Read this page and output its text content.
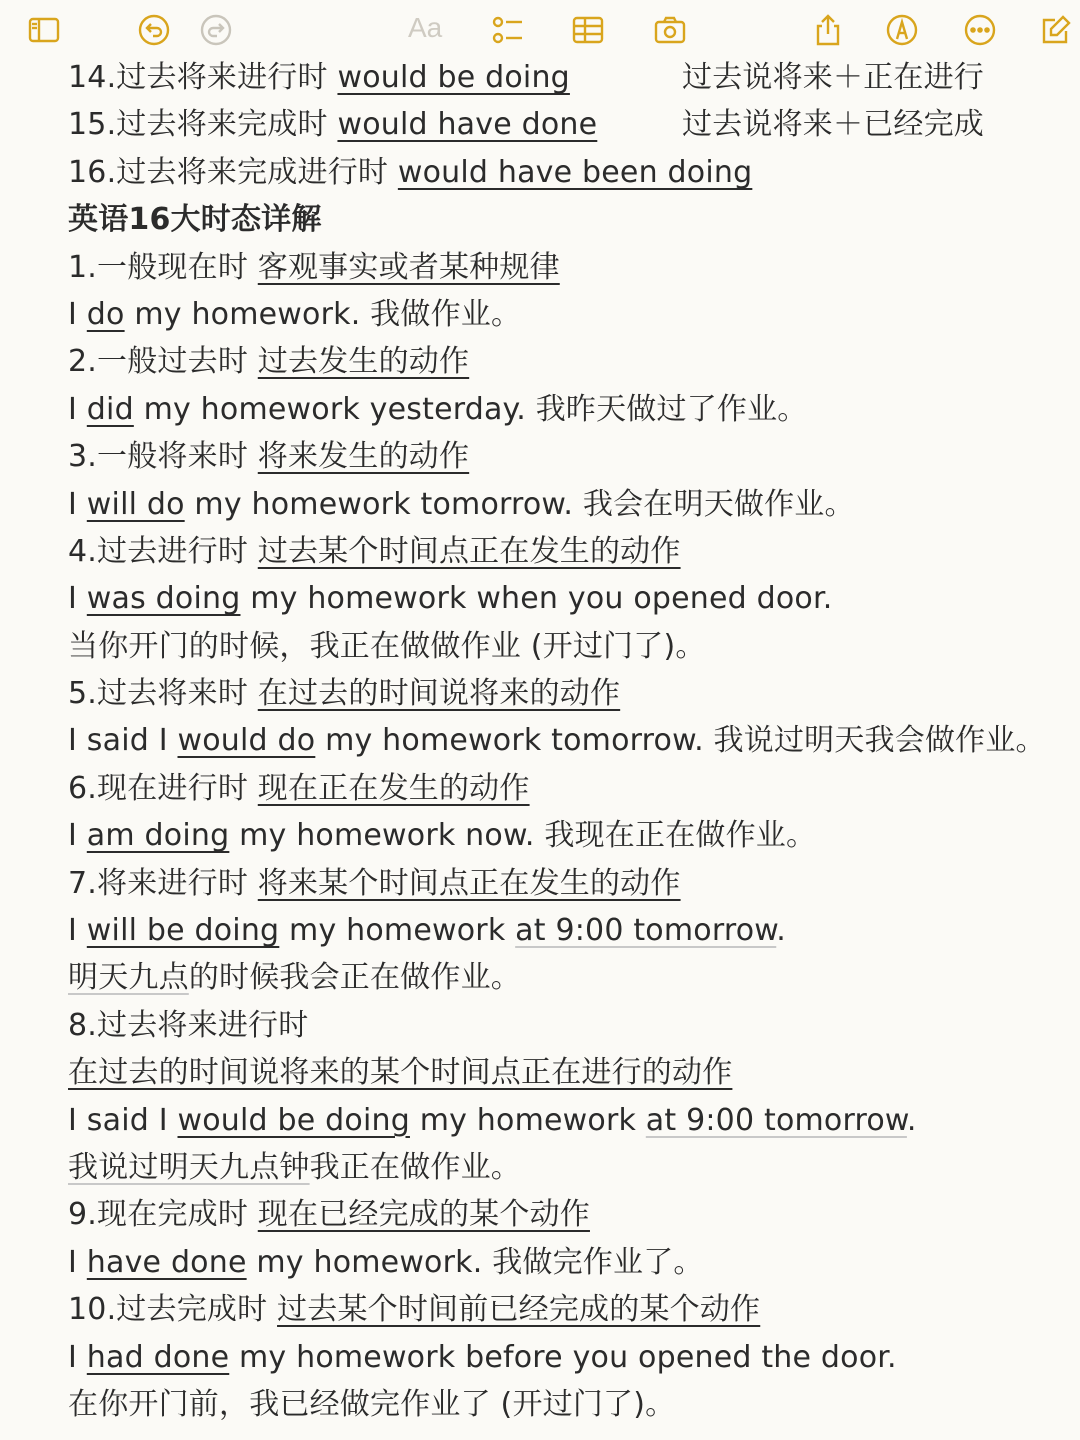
Aa
14.过去将来进行时 would be doing	过去说将来＋正在进行
15.过去将来完成时 would have done	过去说将来＋已经完成
16.过去将来完成进行时 would have been doing
英语16大时态详解
1.一般现在时 客观事实或者某种规律
I do my homework. 我做作业。
2.一般过去时 过去发生的动作
I did my homework yesterday. 我昨天做过了作业。
3.一般将来时 将来发生的动作
I will do my homework tomorrow. 我会在明天做作业。
4.过去进行时 过去某个时间点正在发生的动作
I was doing my homework when you opened door.
当你开门的时候，我正在做做作业 (开过门了)。
5.过去将来时 在过去的时间说将来的动作
I said I would do my homework tomorrow. 我说过明天我会做作业。
6.现在进行时 现在正在发生的动作
I am doing my homework now. 我现在正在做作业。
7.将来进行时 将来某个时间点正在发生的动作
I will be doing my homework at 9:00 tomorrow.
明天九点的时候我会正在做作业。
8.过去将来进行时
在过去的时间说将来的某个时间点正在进行的动作
I said I would be doing my homework at 9:00 tomorrow.
我说过明天九点钟我正在做作业。
9.现在完成时 现在已经完成的某个动作
I have done my homework. 我做完作业了。
10.过去完成时 过去某个时间前已经完成的某个动作
I had done my homework before you opened the door.
在你开门前，我已经做完作业了 (开过门了)。
